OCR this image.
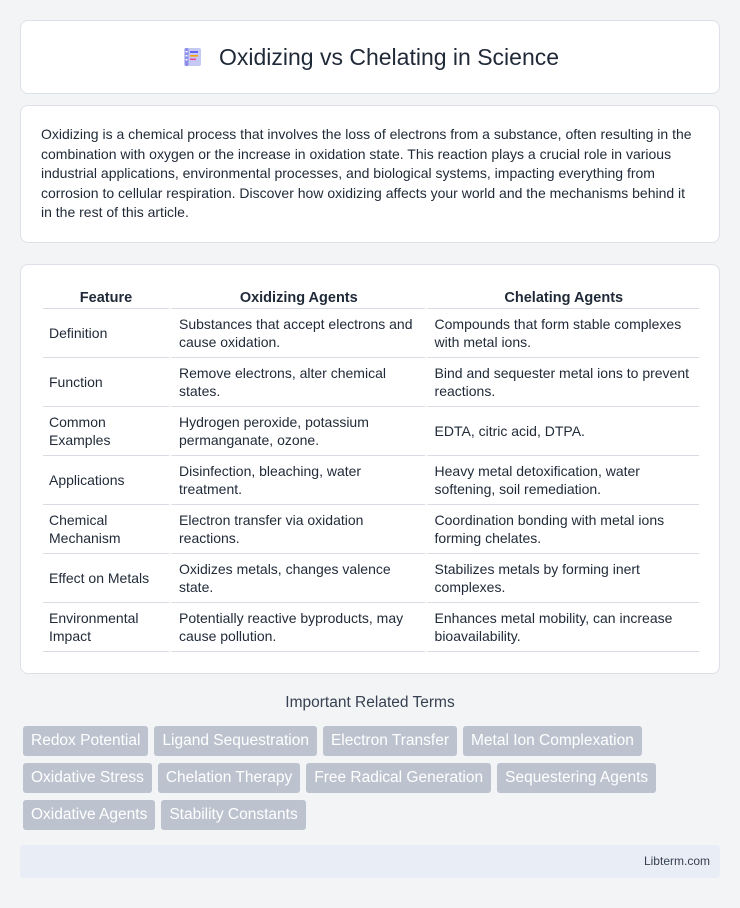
Oxidizing vs Chelating in Science

Oxidizing is a chemical process that involves the loss of electrons from a substance, often resulting in the combination with oxygen or the increase in oxidation state. This reaction plays a crucial role in various industrial applications, environmental processes, and biological systems, impacting everything from corrosion to cellular respiration. Discover how oxidizing affects your world and the mechanisms behind it in the rest of this article.

Feature	Oxidizing Agents	Chelating Agents
Definition	Substances that accept electrons and cause oxidation.	Compounds that form stable complexes with metal ions.
Function	Remove electrons, alter chemical states.	Bind and sequester metal ions to prevent reactions.
Common Examples	Hydrogen peroxide, potassium permanganate, ozone.	EDTA, citric acid, DTPA.
Applications	Disinfection, bleaching, water treatment.	Heavy metal detoxification, water softening, soil remediation.
Chemical Mechanism	Electron transfer via oxidation reactions.	Coordination bonding with metal ions forming chelates.
Effect on Metals	Oxidizes metals, changes valence state.	Stabilizes metals by forming inert complexes.
Environmental Impact	Potentially reactive byproducts, may cause pollution.	Enhances metal mobility, can increase bioavailability.
Important Related Terms
Redox Potential	Ligand Sequestration	Electron Transfer	Metal Ion Complexation
Oxidative Stress	Chelation Therapy	Free Radical Generation	Sequestering Agents
Oxidative Agents	Stability Constants
Libterm.com
